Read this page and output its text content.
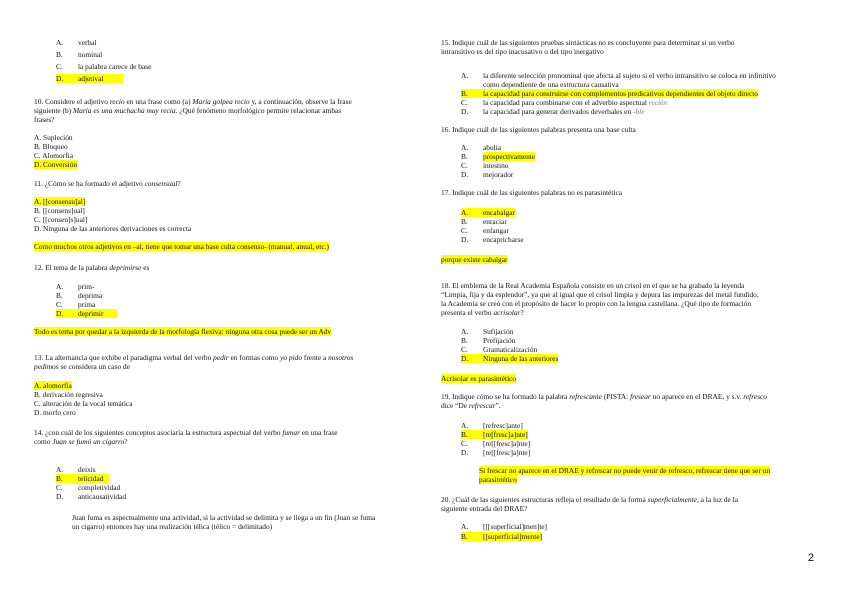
A. verbal
B. nominal
C. la palabra carece de base
D. adjetival
10. Considere el adjetivo recio en una frase como (a) María golpea recio y, a continuación, observe la frase
siguiente (b) María es una muchacha muy recia. ¿Qué fenómeno morfológico permite relacionar ambas
frases?
A. Supleción
B. Bloqueo
C. Alomorfia
D. Conversión
11. ¿Cómo se ha formado el adjetivo consensual?
A. [[consensu]al]
B. [[consens]ual]
C. [[consen]s]ual]
D. Ninguna de las anteriores derivaciones es correcta
Como muchos otros adjetivos en –al, tiene que tomar una base culta consensu- (manual, anual, etc.)
12. El tema de la palabra deprimirse es
A. prim-
B. deprima
C. prima
D. deprimir
Todo es tema por quedar a la izquierda de la morfología flexiva: ninguna otra cosa puede ser un Adv
13. La alternancia que exhibe el paradigma verbal del verbo pedir en formas como yo pido frente a nosotros
pedimos se considera un caso de
A. alomorfia
B. derivación regresiva
C. alteración de la vocal temática
D. morfo cero
14. ¿con cuál de los siguientes conceptos asociaría la estructura aspectual del verbo fumar en una frase
como Juan se fumó un cigarro?
A. deixis
B. telicidad
C. completividad
D. anticausatividad
Juan fuma es aspectualmente una actividad, si la actividad se delimita y se llega a un fin (Juan se fuma
un cigarro) entonces hay una realización télica (télico = delimitado)
15. Indique cuál de las siguientes pruebas sintácticas no es concluyente para determinar si un verbo
intransitivo es del tipo inacusativo o del tipo inergativo
A. la diferente selección pronominal que afecta al sujeto si el verbo intransitivo se coloca en infinitivo
como dependiente de una estructura causativa
B. la capacidad para construirse con complementos predicativos dependientes del objeto directo
C. la capacidad para combinarse con el adverbio aspectual recién
D. la capacidad para generar derivados deverbales en -ble
16. Indique cuál de las siguientes palabras presenta una base culta
A. abulia
B. prospectivamente
C. intestino
D. mejorador
17. Indique cuál de las siguientes palabras no es parasintética
A. encabalgar
B. enraciar
C. enfangar
D. encapricharse
porque existe cabalgar
18. El emblema de la Real Academia Española consiste en un crisol en el que se ha grabado la leyenda
“Limpia, fija y da esplendor”, ya que al igual que el crisol limpia y depura las impurezas del metal fundido,
la Academia se creó con el propósito de hacer lo propio con la lengua castellana. ¿Qué tipo de formación
presenta el verbo acrisolar?
A. Sufijación
B. Prefijación
C. Gramaticalización
D. Ninguna de las anteriores
Acrisolar es parasintético
19. Indique cómo se ha formado la palabra refrescante (PISTA: fresear no aparece en el DRAE, y s.v. refresco
dice “De refrescar”.
A. [refresc]ante]
B. [re[fresc]a]nte]
C. [re[[fresc]a]nte]
D. [re[[fresc]a]nte]
Si frescar no aparece en el DRAE y refrescar no puede venir de refresco, refrescar tiene que ser un
parasintético
20. ¿Cuál de las siguientes estructuras refleja el resultado de la forma superficialmente, a la luz de la
siguiente entrada del DRAE?
A. [[[superficial]men]te]
B. [[superficial]mente]
2
